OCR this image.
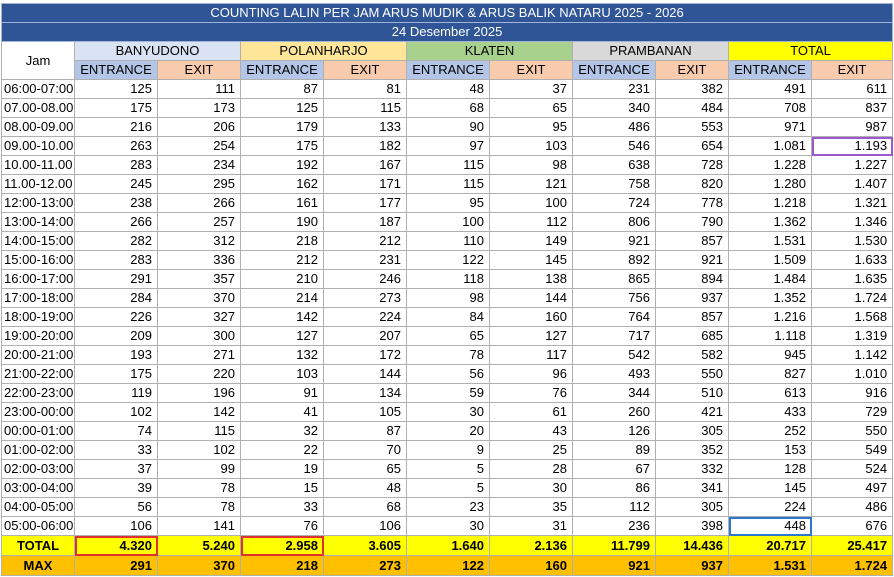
COUNTING LALIN PER JAM ARUS MUDIK & ARUS BALIK NATARU 2025 - 2026										
24 Desember 2025										
Jam	BANYUDONO		POLANHARJO		KLATEN		PRAMBANAN		TOTAL	
	ENTRANCE	EXIT	ENTRANCE	EXIT	ENTRANCE	EXIT	ENTRANCE	EXIT	ENTRANCE	EXIT
06:00-07:00	125	111	87	81	48	37	231	382	491	611
07.00-08.00	175	173	125	115	68	65	340	484	708	837
08.00-09.00	216	206	179	133	90	95	486	553	971	987
09.00-10.00	263	254	175	182	97	103	546	654	1.081	1.193
10.00-11.00	283	234	192	167	115	98	638	728	1.228	1.227
11.00-12.00	245	295	162	171	115	121	758	820	1.280	1.407
12:00-13:00	238	266	161	177	95	100	724	778	1.218	1.321
13:00-14:00	266	257	190	187	100	112	806	790	1.362	1.346
14:00-15:00	282	312	218	212	110	149	921	857	1.531	1.530
15:00-16:00	283	336	212	231	122	145	892	921	1.509	1.633
16:00-17:00	291	357	210	246	118	138	865	894	1.484	1.635
17:00-18:00	284	370	214	273	98	144	756	937	1.352	1.724
18:00-19:00	226	327	142	224	84	160	764	857	1.216	1.568
19:00-20:00	209	300	127	207	65	127	717	685	1.118	1.319
20:00-21:00	193	271	132	172	78	117	542	582	945	1.142
21:00-22:00	175	220	103	144	56	96	493	550	827	1.010
22:00-23:00	119	196	91	134	59	76	344	510	613	916
23:00-00:00	102	142	41	105	30	61	260	421	433	729
00:00-01:00	74	115	32	87	20	43	126	305	252	550
01:00-02:00	33	102	22	70	9	25	89	352	153	549
02:00-03:00	37	99	19	65	5	28	67	332	128	524
03:00-04:00	39	78	15	48	5	30	86	341	145	497
04:00-05:00	56	78	33	68	23	35	112	305	224	486
05:00-06:00	106	141	76	106	30	31	236	398	448	676
TOTAL	4.320	5.240	2.958	3.605	1.640	2.136	11.799	14.436	20.717	25.417
MAX	291	370	218	273	122	160	921	937	1.531	1.724
